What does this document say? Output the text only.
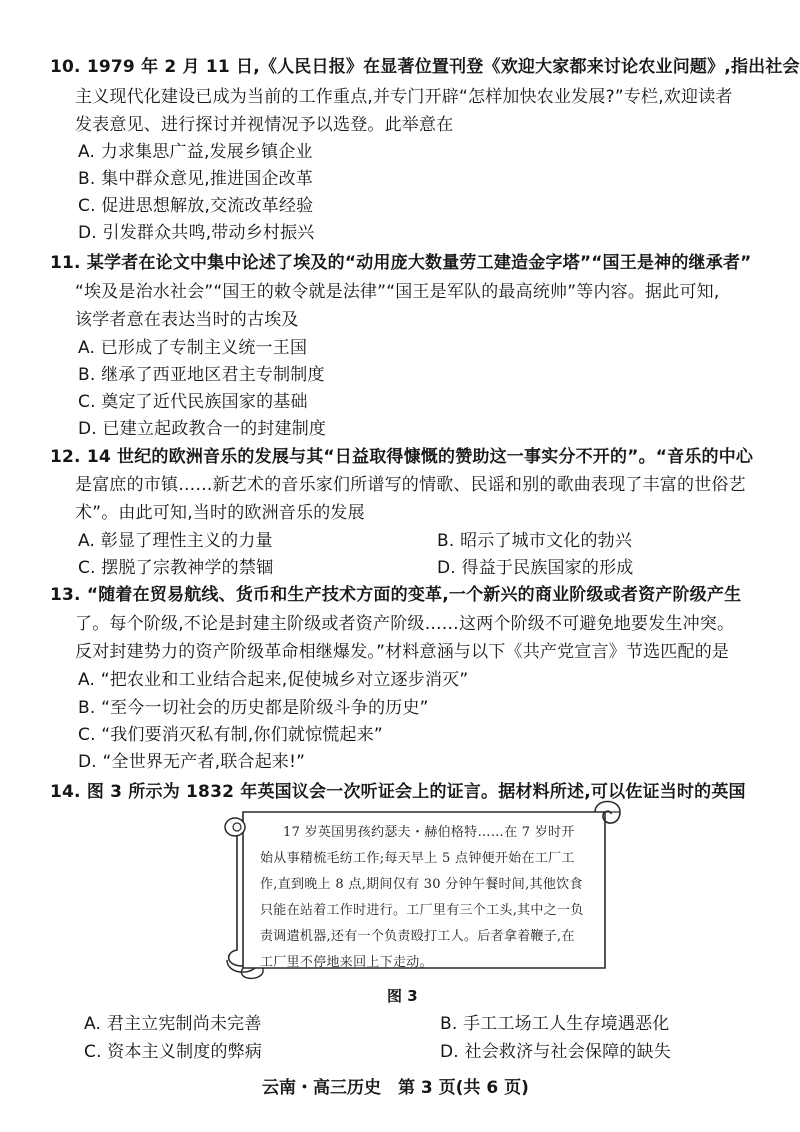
10. 1979 年 2 月 11 日,《人民日报》在显著位置刊登《欢迎大家都来讨论农业问题》,指出社会
主义现代化建设已成为当前的工作重点,并专门开辟“怎样加快农业发展?”专栏,欢迎读者
发表意见、进行探讨并视情况予以选登。此举意在
A. 力求集思广益,发展乡镇企业
B. 集中群众意见,推进国企改革
C. 促进思想解放,交流改革经验
D. 引发群众共鸣,带动乡村振兴
11. 某学者在论文中集中论述了埃及的“动用庞大数量劳工建造金字塔”“国王是神的继承者”
“埃及是治水社会”“国王的敕令就是法律”“国王是军队的最高统帅”等内容。据此可知,
该学者意在表达当时的古埃及
A. 已形成了专制主义统一王国
B. 继承了西亚地区君主专制制度
C. 奠定了近代民族国家的基础
D. 已建立起政教合一的封建制度
12. 14 世纪的欧洲音乐的发展与其“日益取得慷慨的赞助这一事实分不开的”。“音乐的中心
是富庶的市镇……新艺术的音乐家们所谱写的情歌、民谣和别的歌曲表现了丰富的世俗艺
术”。由此可知,当时的欧洲音乐的发展
A. 彰显了理性主义的力量	B. 昭示了城市文化的勃兴
C. 摆脱了宗教神学的禁锢	D. 得益于民族国家的形成
13. “随着在贸易航线、货币和生产技术方面的变革,一个新兴的商业阶级或者资产阶级产生
了。每个阶级,不论是封建主阶级或者资产阶级……这两个阶级不可避免地要发生冲突。
反对封建势力的资产阶级革命相继爆发。”材料意涵与以下《共产党宣言》节选匹配的是
A. “把农业和工业结合起来,促使城乡对立逐步消灭”
B. “至今一切社会的历史都是阶级斗争的历史”
C. “我们要消灭私有制,你们就惊慌起来”
D. “全世界无产者,联合起来!”
14. 图 3 所示为 1832 年英国议会一次听证会上的证言。据材料所述,可以佐证当时的英国
17 岁英国男孩约瑟夫・赫伯格特……在 7 岁时开
始从事精梳毛纺工作;每天早上 5 点钟便开始在工厂工
作,直到晚上 8 点,期间仅有 30 分钟午餐时间,其他饮食
只能在站着工作时进行。工厂里有三个工头,其中之一负
责调遣机器,还有一个负责殴打工人。后者拿着鞭子,在
工厂里不停地来回上下走动。
图 3
A. 君主立宪制尚未完善	B. 手工工场工人生存境遇恶化
C. 资本主义制度的弊病	D. 社会救济与社会保障的缺失
云南・高三历史　第 3 页(共 6 页)
